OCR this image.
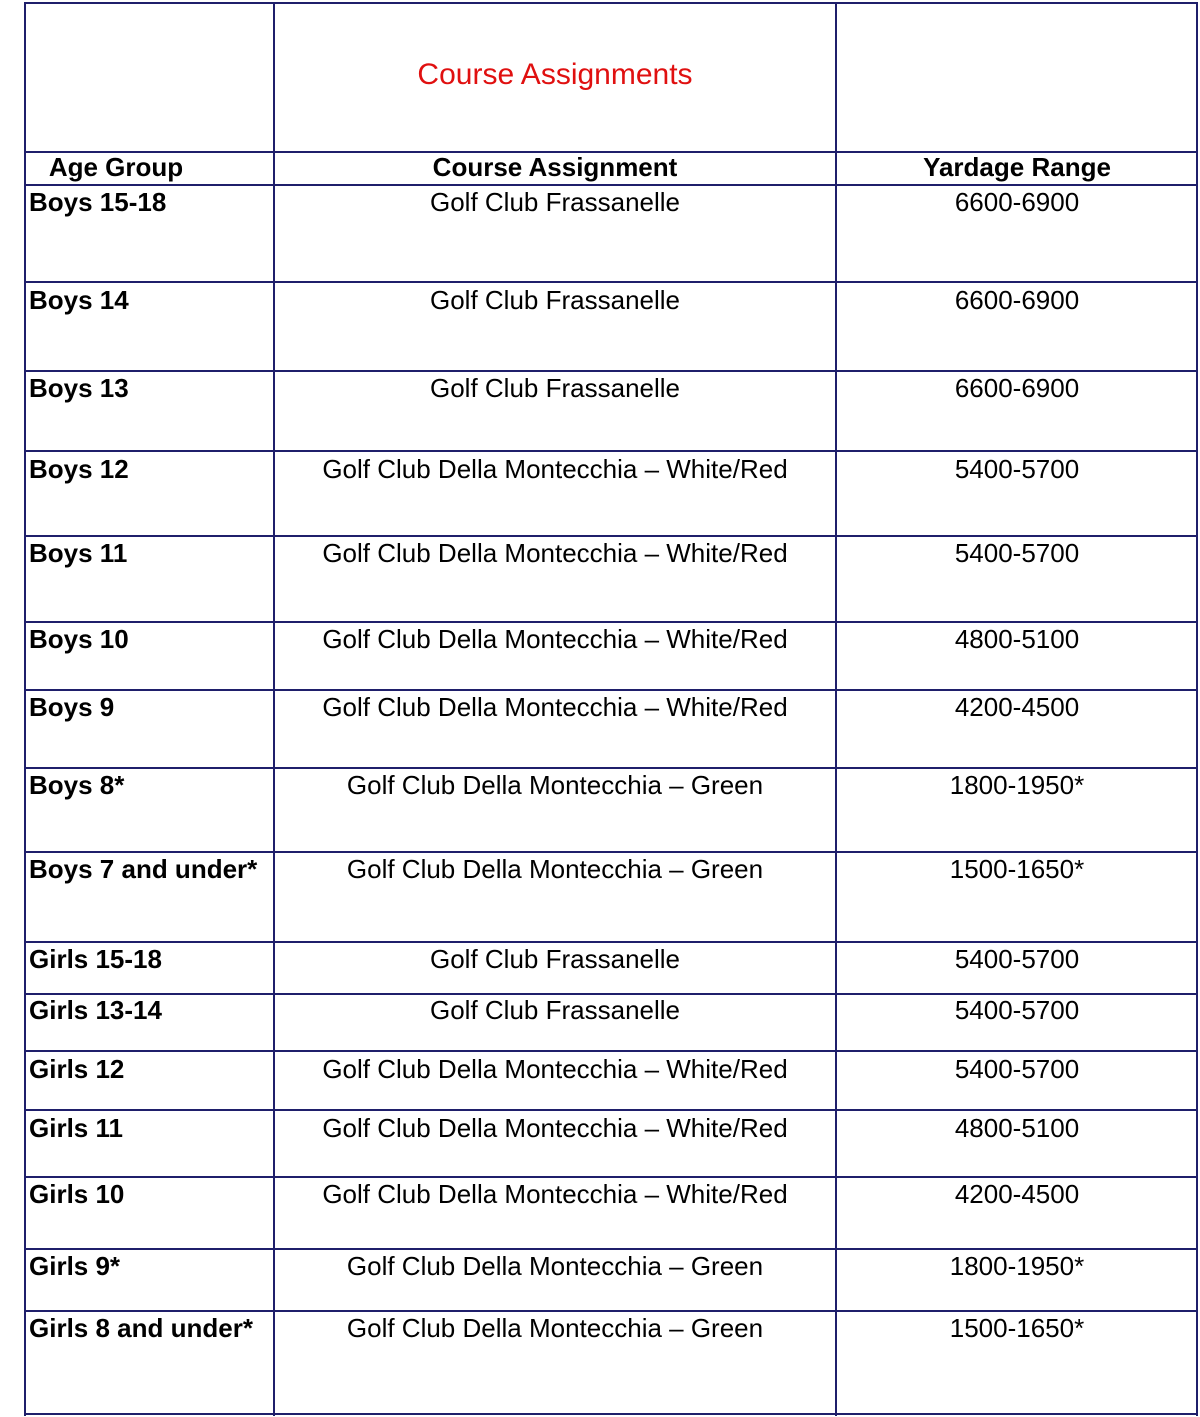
Course Assignments
Age Group	Course Assignment	Yardage Range
Boys 15-18	Golf Club Frassanelle	6600-6900
Boys 14	Golf Club Frassanelle	6600-6900
Boys 13	Golf Club Frassanelle	6600-6900
Boys 12	Golf Club Della Montecchia – White/Red	5400-5700
Boys 11	Golf Club Della Montecchia – White/Red	5400-5700
Boys 10	Golf Club Della Montecchia – White/Red	4800-5100
Boys 9	Golf Club Della Montecchia – White/Red	4200-4500
Boys 8*	Golf Club Della Montecchia – Green	1800-1950*
Boys 7 and under*	Golf Club Della Montecchia – Green	1500-1650*
Girls 15-18	Golf Club Frassanelle	5400-5700
Girls 13-14	Golf Club Frassanelle	5400-5700
Girls 12	Golf Club Della Montecchia – White/Red	5400-5700
Girls 11	Golf Club Della Montecchia – White/Red	4800-5100
Girls 10	Golf Club Della Montecchia – White/Red	4200-4500
Girls 9*	Golf Club Della Montecchia – Green	1800-1950*
Girls 8 and under*	Golf Club Della Montecchia – Green	1500-1650*
